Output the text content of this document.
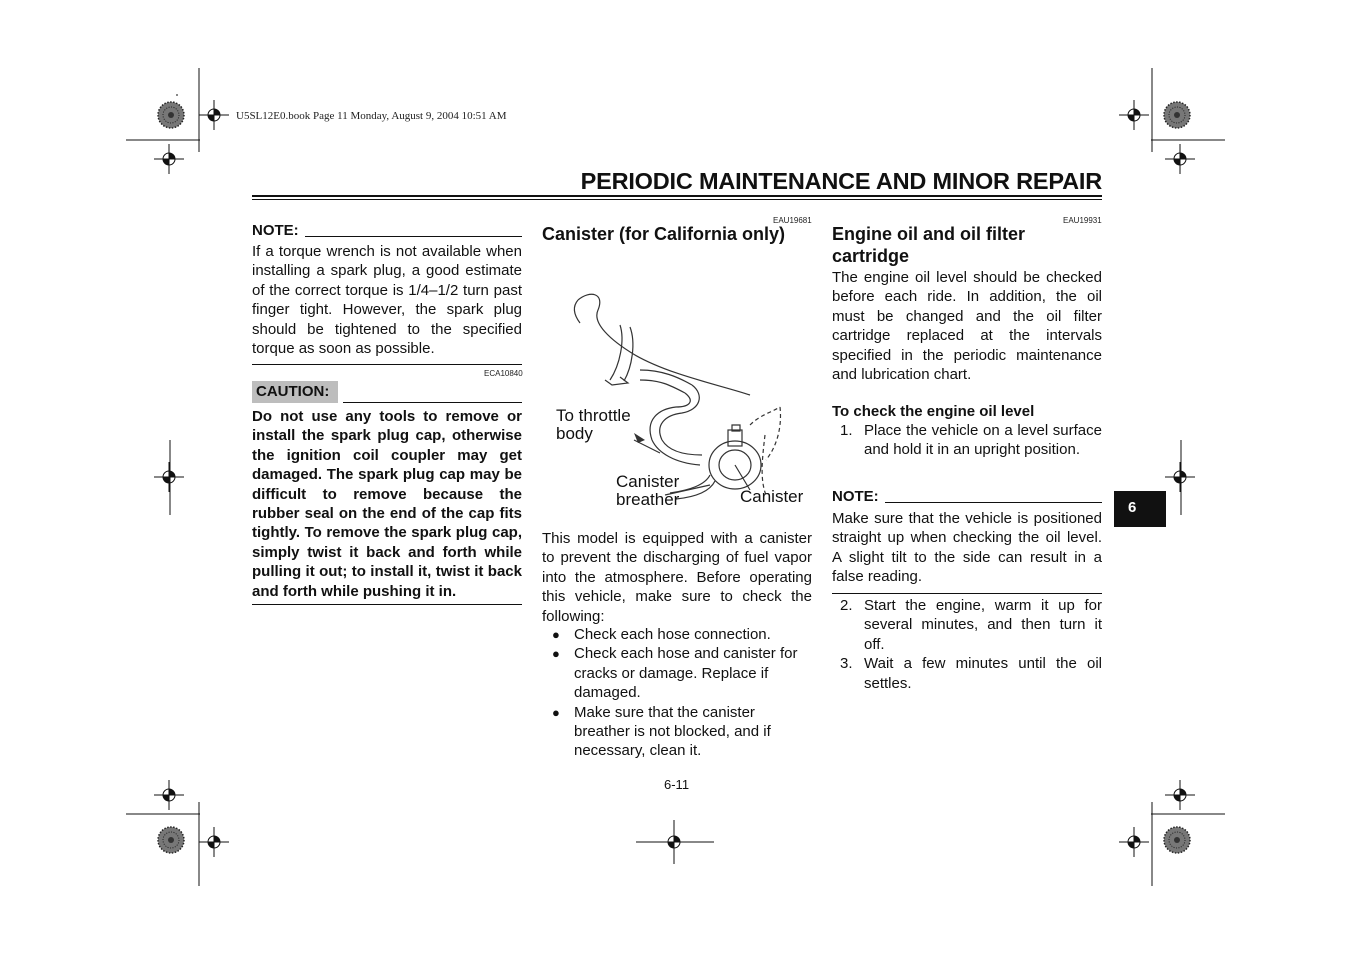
U5SL12E0.book Page 11 Monday, August 9, 2004 10:51 AM
PERIODIC MAINTENANCE AND MINOR REPAIR
NOTE:
If a torque wrench is not available when installing a spark plug, a good estimate of the correct torque is 1/4–1/2 turn past finger tight. However, the spark plug should be tightened to the specified torque as soon as possible.
ECA10840
CAUTION:
Do not use any tools to remove or install the spark plug cap, otherwise the ignition coil coupler may get damaged. The spark plug cap may be difficult to remove because the rubber seal on the end of the cap fits tightly. To remove the spark plug cap, simply twist it back and forth while pulling it out; to install it, twist it back and forth while pushing it in.
EAU19681
Canister (for California only)
To throttle
body
Canister
breather	Canister
This model is equipped with a canister to prevent the discharging of fuel vapor into the atmosphere. Before operating this vehicle, make sure to check the following:
● Check each hose connection.
● Check each hose and canister for cracks or damage. Replace if damaged.
● Make sure that the canister breather is not blocked, and if necessary, clean it.
EAU19931
Engine oil and oil filter
cartridge
The engine oil level should be checked before each ride. In addition, the oil must be changed and the oil filter cartridge replaced at the intervals specified in the periodic maintenance and lubrication chart.
To check the engine oil level
1. Place the vehicle on a level surface and hold it in an upright position.
NOTE:
Make sure that the vehicle is positioned straight up when checking the oil level. A slight tilt to the side can result in a false reading.
2. Start the engine, warm it up for several minutes, and then turn it off.
3. Wait a few minutes until the oil settles.
6
6-11
